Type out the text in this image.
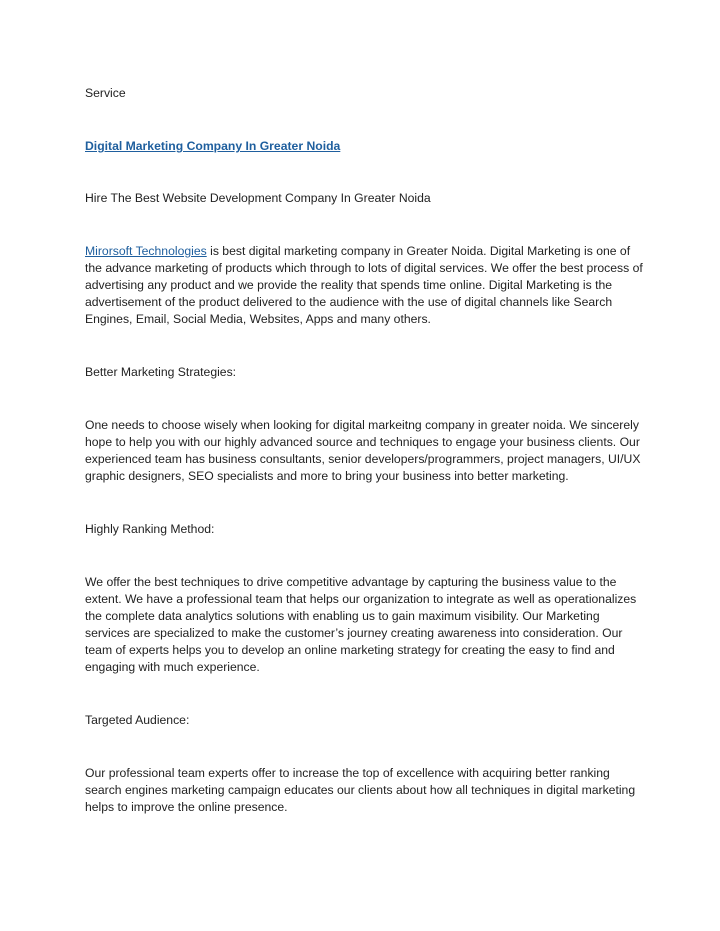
Service

Digital Marketing Company In Greater Noida

Hire The Best Website Development Company In Greater Noida

Mirorsoft Technologies is best digital marketing company in Greater Noida. Digital Marketing is one of the advance marketing of products which through to lots of digital services. We offer the best process of advertising any product and we provide the reality that spends time online. Digital Marketing is the advertisement of the product delivered to the audience with the use of digital channels like Search Engines, Email, Social Media, Websites, Apps and many others.

Better Marketing Strategies:

One needs to choose wisely when looking for digital markeitng company in greater noida. We sincerely hope to help you with our highly advanced source and techniques to engage your business clients. Our experienced team has business consultants, senior developers/programmers, project managers, UI/UX graphic designers, SEO specialists and more to bring your business into better marketing.

Highly Ranking Method:

We offer the best techniques to drive competitive advantage by capturing the business value to the extent. We have a professional team that helps our organization to integrate as well as operationalizes the complete data analytics solutions with enabling us to gain maximum visibility. Our Marketing services are specialized to make the customer’s journey creating awareness into consideration. Our team of experts helps you to develop an online marketing strategy for creating the easy to find and engaging with much experience.

Targeted Audience:

Our professional team experts offer to increase the top of excellence with acquiring better ranking search engines marketing campaign educates our clients about how all techniques in digital marketing helps to improve the online presence.
